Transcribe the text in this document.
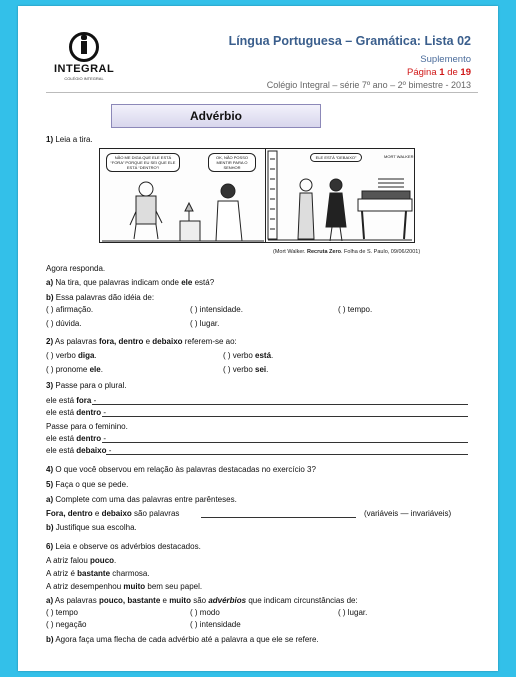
INTEGRAL
COLÉGIO INTEGRAL
Língua Portuguesa – Gramática: Lista 02
Suplemento
Página 1 de 19
Colégio Integral – série 7º ano – 2º bimestre - 2013
Advérbio
1) Leia a tira.
NÃO ME DIGA QUE ELE ESTÁ “FORA” PORQUE EU SEI QUE ELE ESTÁ “DENTRO”!
OK, NÃO POSSO MENTIR PARA O SENHOR
ELE ESTÁ “DEBAIXO”	MORT WALKER
(Mort Walker. Recruta Zero. Folha de S. Paulo, 09/06/2001)
Agora responda.
a) Na tira, que palavras indicam onde ele está?
b) Essa palavras dão idéia de:
( ) afirmação.	( ) intensidade.	( ) tempo.
( ) dúvida.	( ) lugar.
2) As palavras fora, dentro e debaixo referem-se ao:
( ) verbo diga.	( ) verbo está.
( ) pronome ele.	( ) verbo sei.
3) Passe para o plural.
ele está fora -
ele está dentro -
Passe para o feminino.
ele está dentro -
ele está debaixo -
4) O que você observou em relação às palavras destacadas no exercício 3?
5) Faça o que se pede.
a) Complete com uma das palavras entre parênteses.
Fora, dentro e debaixo são palavras	(variáveis — invariáveis)
b) Justifique sua escolha.
6) Leia e observe os advérbios destacados.
A atriz falou pouco.
A atriz é bastante charmosa.
A atriz desempenhou muito bem seu papel.
a) As palavras pouco, bastante e muito são advérbios que indicam circunstâncias de:
( ) tempo	( ) modo	( ) lugar.
( ) negação	( ) intensidade
b) Agora faça uma flecha de cada advérbio até a palavra a que ele se refere.
